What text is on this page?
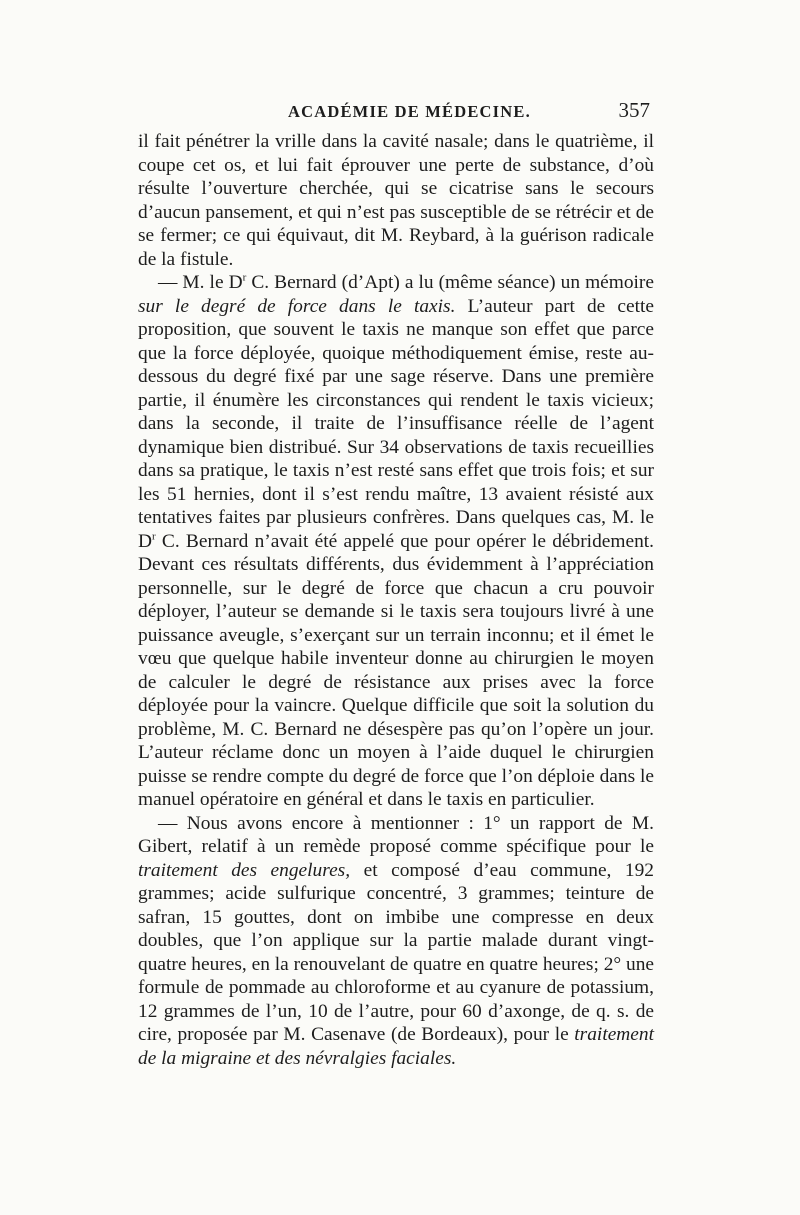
ACADÉMIE DE MÉDECINE.	357

il fait pénétrer la vrille dans la cavité nasale; dans le quatrième, il coupe cet os, et lui fait éprouver une perte de substance, d’où résulte l’ouverture cherchée, qui se cicatrise sans le secours d’aucun pansement, et qui n’est pas susceptible de se rétrécir et de se fermer; ce qui équivaut, dit M. Reybard, à la guérison radicale de la fistule.

— M. le $D^r$ C. Bernard (d’Apt) a lu (même séance) un mémoire sur le degré de force dans le taxis. L’auteur part de cette proposition, que souvent le taxis ne manque son effet que parce que la force déployée, quoique méthodiquement émise, reste au-dessous du degré fixé par une sage réserve. Dans une première partie, il énumère les circonstances qui rendent le taxis vicieux; dans la seconde, il traite de l’insuffisance réelle de l’agent dynamique bien distribué. Sur 34 observations de taxis recueillies dans sa pratique, le taxis n’est resté sans effet que trois fois; et sur les 51 hernies, dont il s’est rendu maître, 13 avaient résisté aux tentatives faites par plusieurs confrères. Dans quelques cas, M. le $D^r$ C. Bernard n’avait été appelé que pour opérer le débridement. Devant ces résultats différents, dus évidemment à l’appréciation personnelle, sur le degré de force que chacun a cru pouvoir déployer, l’auteur se demande si le taxis sera toujours livré à une puissance aveugle, s’exerçant sur un terrain inconnu; et il émet le vœu que quelque habile inventeur donne au chirurgien le moyen de calculer le degré de résistance aux prises avec la force déployée pour la vaincre. Quelque difficile que soit la solution du problème, M. C. Bernard ne désespère pas qu’on l’opère un jour. L’auteur réclame donc un moyen à l’aide duquel le chirurgien puisse se rendre compte du degré de force que l’on déploie dans le manuel opératoire en général et dans le taxis en particulier.

— Nous avons encore à mentionner : 1° un rapport de M. Gibert, relatif à un remède proposé comme spécifique pour le traitement des engelures, et composé d’eau commune, 192 grammes; acide sulfurique concentré, 3 grammes; teinture de safran, 15 gouttes, dont on imbibe une compresse en deux doubles, que l’on applique sur la partie malade durant vingt-quatre heures, en la renouvelant de quatre en quatre heures; 2° une formule de pommade au chloroforme et au cyanure de potassium, 12 grammes de l’un, 10 de l’autre, pour 60 d’axonge, de q. s. de cire, proposée par M. Casenave (de Bordeaux), pour le traitement de la migraine et des névralgies faciales.
